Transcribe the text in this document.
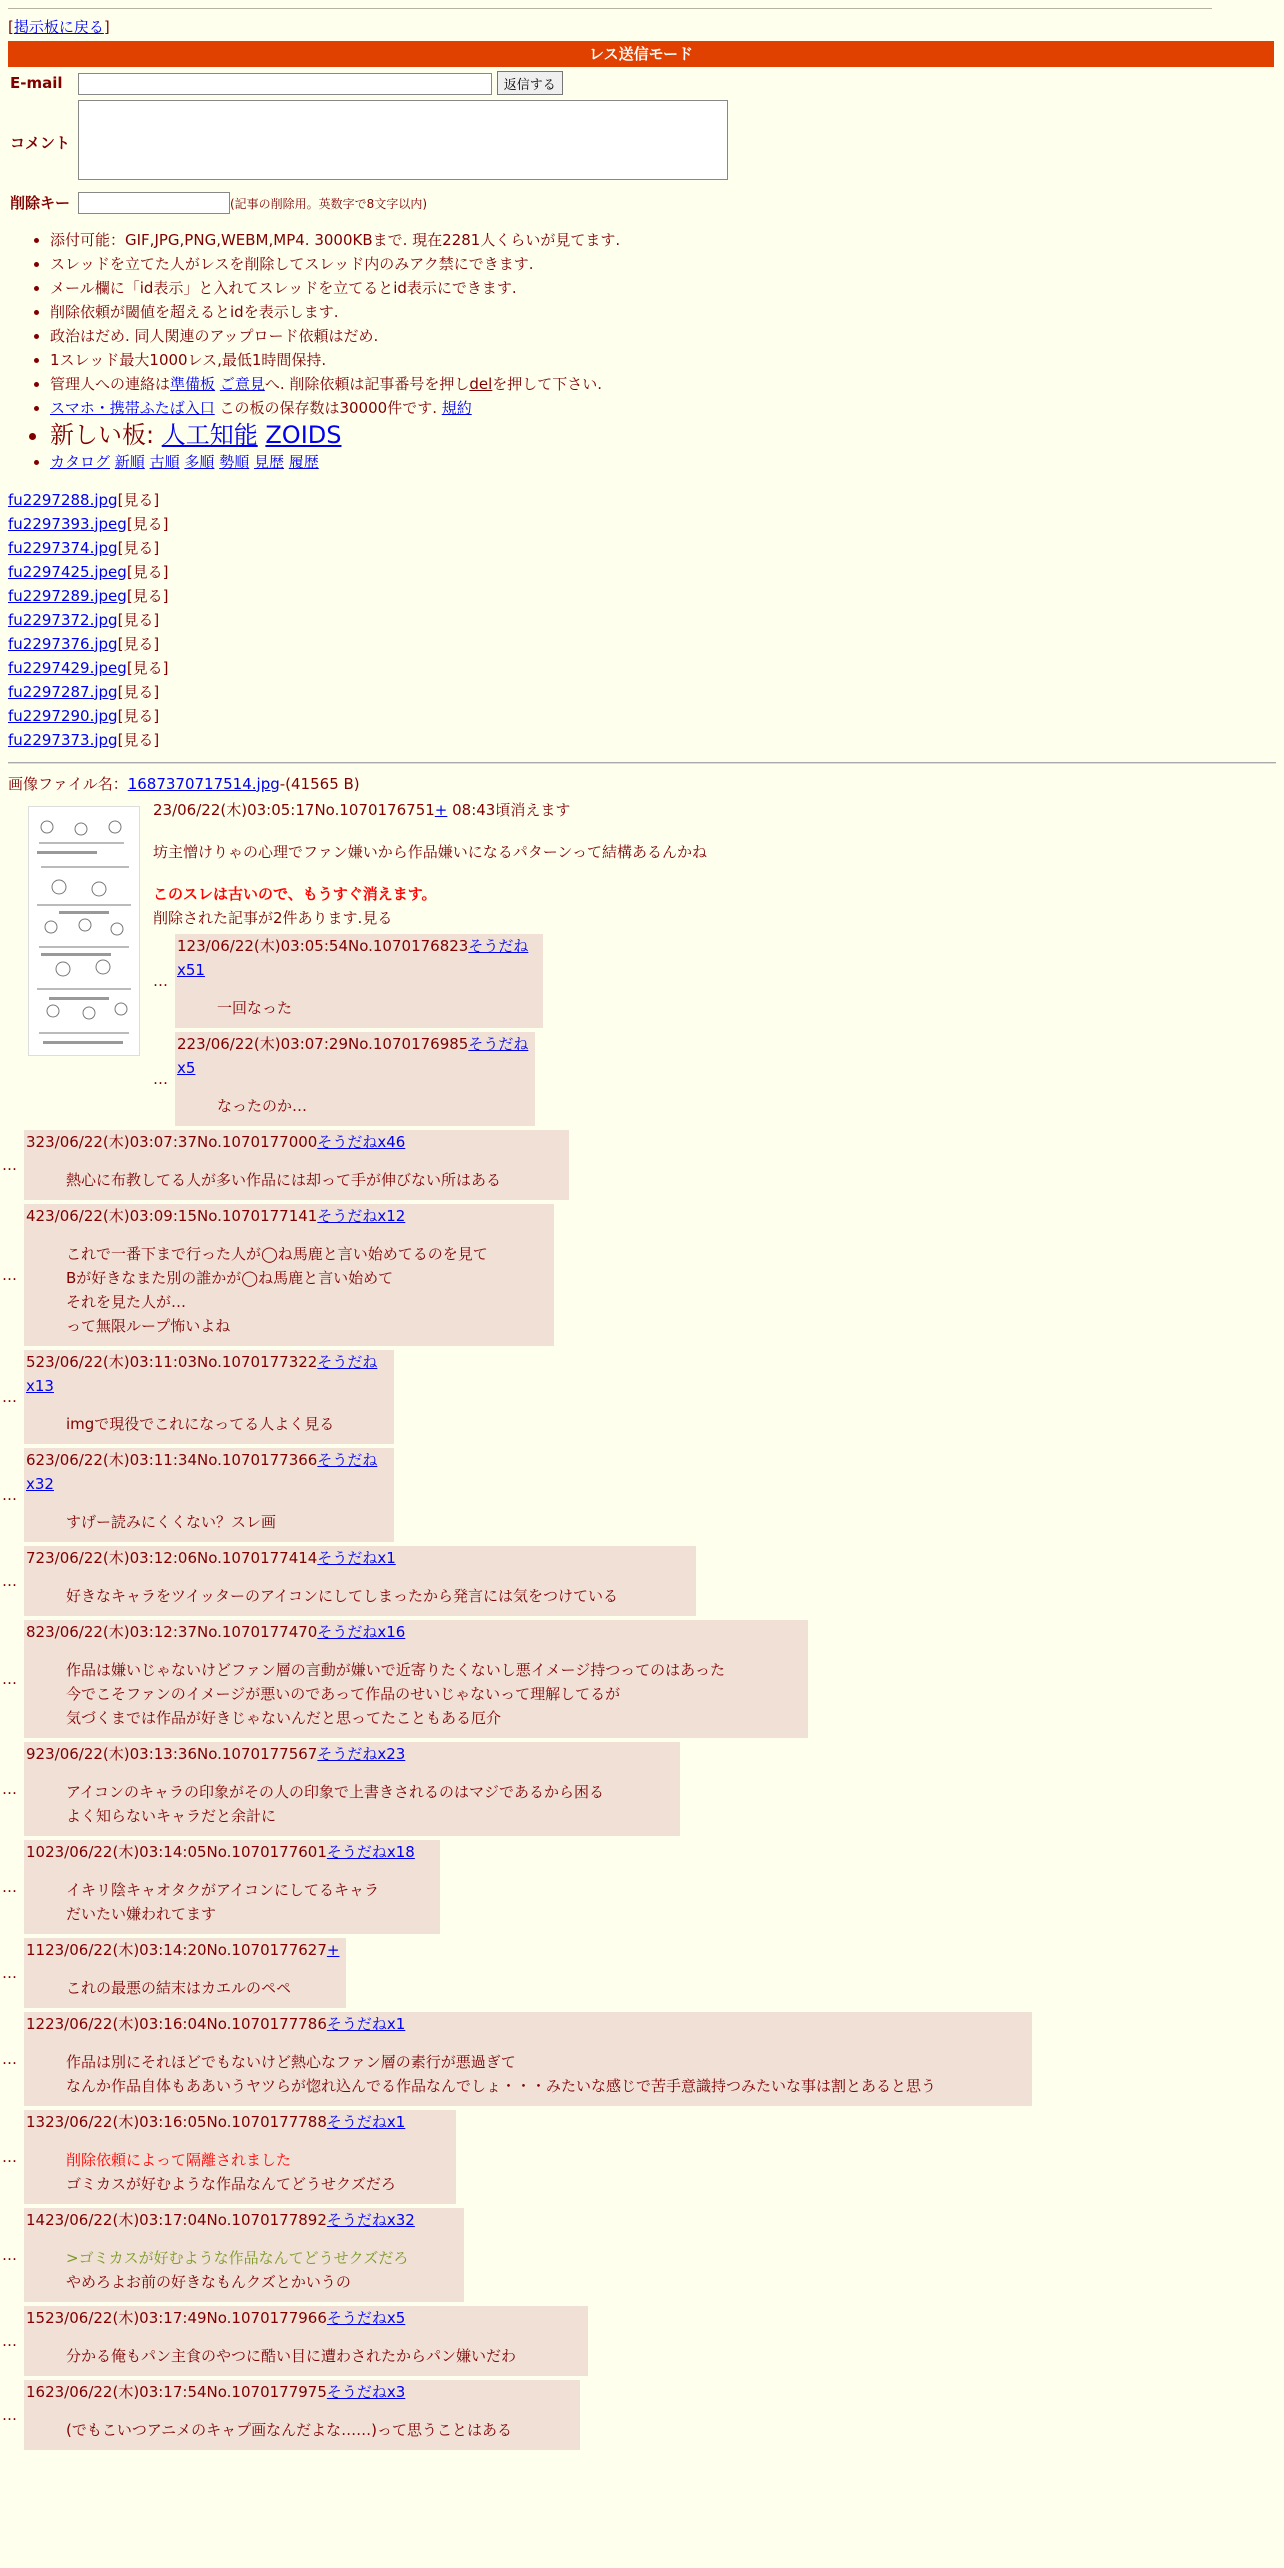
[掲示板に戻る]
レス送信モード
E-mail	返信する
コメント	
削除キー	(記事の削除用。英数字で8文字以内)
• 添付可能：GIF,JPG,PNG,WEBM,MP4. 3000KBまで. 現在2281人くらいが見てます.
• スレッドを立てた人がレスを削除してスレッド内のみアク禁にできます.
• メール欄に「id表示」と入れてスレッドを立てるとid表示にできます.
• 削除依頼が閾値を超えるとidを表示します.
• 政治はだめ. 同人関連のアップロード依頼はだめ.
• 1スレッド最大1000レス,最低1時間保持.
• 管理人への連絡は準備板 ご意見へ. 削除依頼は記事番号を押しdelを押して下さい.
• スマホ・携帯ふたば入口 この板の保存数は30000件です. 規約
• 新しい板: 人工知能 ZOIDS
• カタログ 新順 古順 多順 勢順 見歴 履歴
fu2297288.jpg[見る]
fu2297393.jpeg[見る]
fu2297374.jpg[見る]
fu2297425.jpeg[見る]
fu2297289.jpeg[見る]
fu2297372.jpg[見る]
fu2297376.jpg[見る]
fu2297429.jpeg[見る]
fu2297287.jpg[見る]
fu2297290.jpg[見る]
fu2297373.jpg[見る]
画像ファイル名：1687370717514.jpg-(41565 B)
23/06/22(木)03:05:17No.1070176751+ 08:43頃消えます
坊主憎けりゃの心理でファン嫌いから作品嫌いになるパターンって結構あるんかね
このスレは古いので、もうすぐ消えます。
削除された記事が2件あります.見る
…
123/06/22(木)03:05:54No.1070176823そうだねx51
一回なった
…
223/06/22(木)03:07:29No.1070176985そうだねx5
なったのか…
…
323/06/22(木)03:07:37No.1070177000そうだねx46
熱心に布教してる人が多い作品には却って手が伸びない所はある
…
423/06/22(木)03:09:15No.1070177141そうだねx12
これで一番下まで行った人が◯ね馬鹿と言い始めてるのを見て
Bが好きなまた別の誰かが◯ね馬鹿と言い始めて
それを見た人が…
って無限ループ怖いよね
…
523/06/22(木)03:11:03No.1070177322そうだねx13
imgで現役でこれになってる人よく見る
…
623/06/22(木)03:11:34No.1070177366そうだねx32
すげー読みにくくない？スレ画
…
723/06/22(木)03:12:06No.1070177414そうだねx1
好きなキャラをツイッターのアイコンにしてしまったから発言には気をつけている
…
823/06/22(木)03:12:37No.1070177470そうだねx16
作品は嫌いじゃないけどファン層の言動が嫌いで近寄りたくないし悪イメージ持つってのはあった
今でこそファンのイメージが悪いのであって作品のせいじゃないって理解してるが
気づくまでは作品が好きじゃないんだと思ってたこともある厄介
…
923/06/22(木)03:13:36No.1070177567そうだねx23
アイコンのキャラの印象がその人の印象で上書きされるのはマジであるから困る
よく知らないキャラだと余計に
…
1023/06/22(木)03:14:05No.1070177601そうだねx18
イキリ陰キャオタクがアイコンにしてるキャラ
だいたい嫌われてます
…
1123/06/22(木)03:14:20No.1070177627+
これの最悪の結末はカエルのペペ
…
1223/06/22(木)03:16:04No.1070177786そうだねx1
作品は別にそれほどでもないけど熱心なファン層の素行が悪過ぎて
なんか作品自体もああいうヤツらが惚れ込んでる作品なんでしょ・・・みたいな感じで苦手意識持つみたいな事は割とあると思う
…
1323/06/22(木)03:16:05No.1070177788そうだねx1
削除依頼によって隔離されました
ゴミカスが好むような作品なんてどうせクズだろ
…
1423/06/22(木)03:17:04No.1070177892そうだねx32
>ゴミカスが好むような作品なんてどうせクズだろ
やめろよお前の好きなもんクズとかいうの
…
1523/06/22(木)03:17:49No.1070177966そうだねx5
分かる俺もパン主食のやつに酷い目に遭わされたからパン嫌いだわ
…
1623/06/22(木)03:17:54No.1070177975そうだねx3
(でもこいつアニメのキャプ画なんだよな……)って思うことはある
